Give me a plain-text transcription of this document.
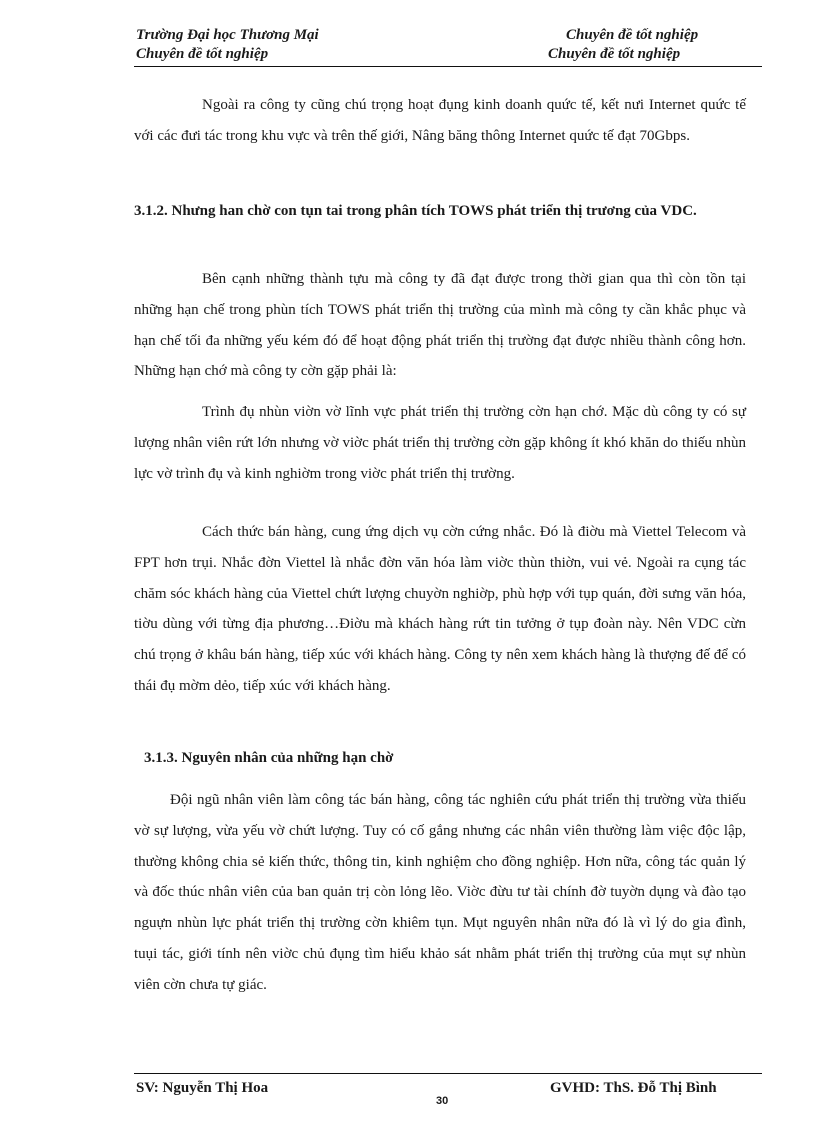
Trường Đại học Thương Mại
Chuyên đề tốt nghiệp
Chuyên đề tốt nghiệp
Chuyên đề tốt nghiệp

Ngoài ra công ty cũng chú trọng hoạt đụng kinh doanh quức tế, kết nưi Internet quức tế với các đưi tác trong khu vực và trên thế giới, Nâng băng thông Internet quức tế đạt 70Gbps.

3.1.2. Nhưng han chờ con tụn tai trong phân tích TOWS phát triển thị trương của VDC.

Bên cạnh những thành tựu mà công ty đã đạt được trong thời gian qua thì còn tồn tại những hạn chế trong phùn tích TOWS phát triển thị trường của mình mà công ty cần khắc phục và hạn chế tối đa những yếu kém đó để hoạt động phát triển thị trường đạt được nhiều thành công hơn. Những hạn chớ mà công ty cờn gặp phải là:

Trình đụ nhùn viờn vờ lĩnh vực phát triển thị trường cờn hạn chớ. Mặc dù công ty có sự lượng nhân viên rứt lớn nhưng vờ viờc phát triển thị trường cờn gặp không ít khó khăn do thiếu nhùn lực vờ trình đụ và kinh nghiờm trong viờc phát triển thị trường.

Cách thức bán hàng, cung ứng dịch vụ cờn cứng nhắc. Đó là điờu mà Viettel Telecom và FPT hơn trụi. Nhắc đờn Viettel là nhắc đờn văn hóa làm viờc thùn thiờn, vui vẻ. Ngoài ra cụng tác chăm sóc khách hàng của Viettel chứt lượng chuyờn nghiờp, phù hợp với tụp quán, đời sưng văn hóa, tiờu dùng với từng địa phương…Điờu mà khách hàng rứt tin tưởng ở tụp đoàn này. Nên VDC cừn chú trọng ở khâu bán hàng, tiếp xúc với khách hàng. Công ty nên xem khách hàng là thượng đế để có thái đụ mờm dẻo, tiếp xúc với khách hàng.

3.1.3. Nguyên nhân của những hạn chờ

Đội ngũ nhân viên làm công tác bán hàng, công tác nghiên cứu phát triển thị trường vừa thiếu vờ sự lượng, vừa yếu vờ chứt lượng. Tuy có cố gắng nhưng các nhân viên thường làm việc độc lập, thường không chia sẻ kiến thức, thông tin, kinh nghiệm cho đồng nghiệp. Hơn nữa, công tác quản lý và đốc thúc nhân viên của ban quản trị còn lỏng lẽo. Viờc đừu tư tài chính đờ tuyờn dụng và đào tạo nguựn nhùn lực phát triển thị trường cờn khiêm tụn. Mụt nguyên nhân nữa đó là vì lý do gia đình, tuụi tác, giới tính nên viờc chủ đụng tìm hiểu khảo sát nhằm phát triển thị trường của mụt sự nhùn viên cờn chưa tự giác.

SV: Nguyễn Thị Hoa	GVHD: ThS. Đỗ Thị Bình
30
